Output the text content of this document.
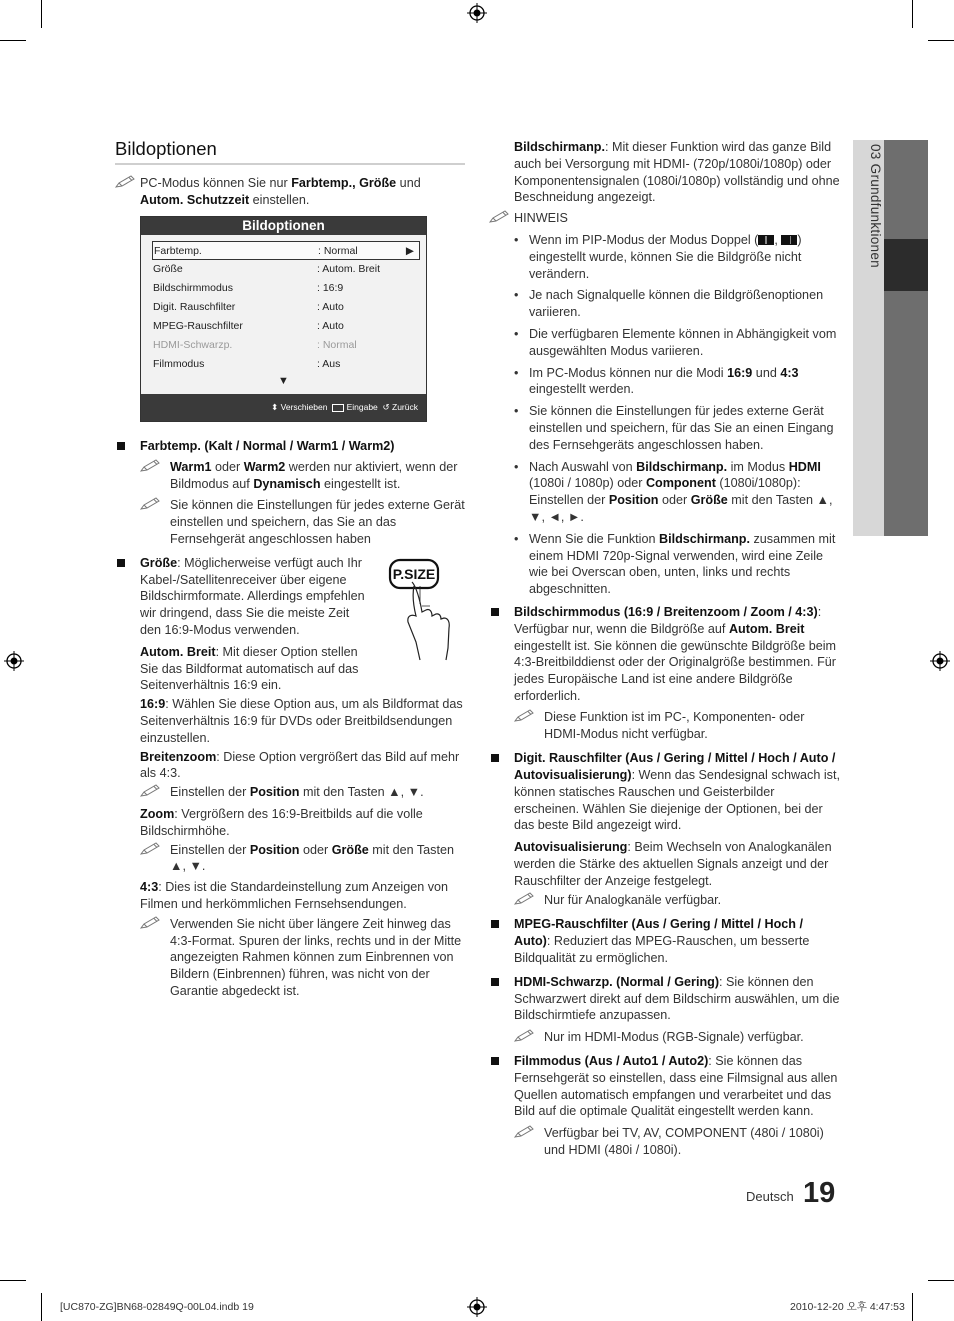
Bildoptionen
PC-Modus können Sie nur Farbtemp., Größe und Autom. Schutzzeit einstellen.
Bildoptionen
Farbtemp.	: Normal	▶
Größe	: Autom. Breit
Bildschirmmodus	: 16:9
Digit. Rauschfilter	: Auto
MPEG-Rauschfilter	: Auto
HDMI-Schwarzp.	: Normal
Filmmodus	: Aus
▼
⬍ Verschieben Eingabe ↺ Zurück
Farbtemp. (Kalt / Normal / Warm1 / Warm2)
Warm1 oder Warm2 werden nur aktiviert, wenn der Bildmodus auf Dynamisch eingestellt ist.
Sie können die Einstellungen für jedes externe Gerät einstellen und speichern, das Sie an das Fernsehgerät angeschlossen haben
Größe: Möglicherweise verfügt auch Ihr Kabel-/Satellitenreceiver über eigene Bildschirmformate. Allerdings empfehlen wir dringend, dass Sie die meiste Zeit den 16:9-Modus verwenden.
P.SIZE
Autom. Breit: Mit dieser Option stellen Sie das Bildformat automatisch auf das Seitenverhältnis 16:9 ein.
16:9: Wählen Sie diese Option aus, um als Bildformat das Seitenverhältnis 16:9 für DVDs oder Breitbildsendungen einzustellen.
Breitenzoom: Diese Option vergrößert das Bild auf mehr als 4:3.
Einstellen der Position mit den Tasten ▲, ▼.
Zoom: Vergrößern des 16:9-Breitbilds auf die volle Bildschirmhöhe.
Einstellen der Position oder Größe mit den Tasten ▲, ▼.
4:3: Dies ist die Standardeinstellung zum Anzeigen von Filmen und herkömmlichen Fernsehsendungen.
Verwenden Sie nicht über längere Zeit hinweg das 4:3-Format. Spuren der links, rechts und in der Mitte angezeigten Rahmen können zum Einbrennen von Bildern (Einbrennen) führen, was nicht von der Garantie abgedeckt ist.
Bildschirmanp.: Mit dieser Funktion wird das ganze Bild auch bei Versorgung mit HDMI- (720p/1080i/1080p) oder Komponentensignalen (1080i/1080p) vollständig und ohne Beschneidung angezeigt.
HINWEIS
• Wenn im PIP-Modus der Modus Doppel ( , ) eingestellt wurde, können Sie die Bildgröße nicht verändern.
• Je nach Signalquelle können die Bildgrößenoptionen variieren.
• Die verfügbaren Elemente können in Abhängigkeit vom ausgewählten Modus variieren.
• Im PC-Modus können nur die Modi 16:9 und 4:3 eingestellt werden.
• Sie können die Einstellungen für jedes externe Gerät einstellen und speichern, für das Sie an einen Eingang des Fernsehgeräts angeschlossen haben.
• Nach Auswahl von Bildschirmanp. im Modus HDMI (1080i / 1080p) oder Component (1080i/1080p): Einstellen der Position oder Größe mit den Tasten ▲, ▼, ◄, ►.
• Wenn Sie die Funktion Bildschirmanp. zusammen mit einem HDMI 720p-Signal verwenden, wird eine Zeile wie bei Overscan oben, unten, links und rechts abgeschnitten.
Bildschirmmodus (16:9 / Breitenzoom / Zoom / 4:3): Verfügbar nur, wenn die Bildgröße auf Autom. Breit eingestellt ist. Sie können die gewünschte Bildgröße beim 4:3-Breitbilddienst oder der Originalgröße bestimmen. Für jedes Europäische Land ist eine andere Bildgröße erforderlich.
Diese Funktion ist im PC-, Komponenten- oder HDMI-Modus nicht verfügbar.
Digit. Rauschfilter (Aus / Gering / Mittel / Hoch / Auto / Autovisualisierung): Wenn das Sendesignal schwach ist, können statisches Rauschen und Geisterbilder erscheinen. Wählen Sie diejenige der Optionen, bei der das beste Bild angezeigt wird.
Autovisualisierung: Beim Wechseln von Analogkanälen werden die Stärke des aktuellen Signals anzeigt und der Rauschfilter der Anzeige festgelegt.
Nur für Analogkanäle verfügbar.
MPEG-Rauschfilter (Aus / Gering / Mittel / Hoch / Auto): Reduziert das MPEG-Rauschen, um besserte Bildqualität zu ermöglichen.
HDMI-Schwarzp. (Normal / Gering): Sie können den Schwarzwert direkt auf dem Bildschirm auswählen, um die Bildschirmtiefe anzupassen.
Nur im HDMI-Modus (RGB-Signale) verfügbar.
Filmmodus (Aus / Auto1 / Auto2): Sie können das Fernsehgerät so einstellen, dass eine Filmsignal aus allen Quellen automatisch empfangen und verarbeitet und das Bild auf die optimale Qualität eingestellt werden kann.
Verfügbar bei TV, AV, COMPONENT (480i / 1080i) und HDMI (480i / 1080i).
03 Grundfunktionen
Deutsch 19
[UC870-ZG]BN68-02849Q-00L04.indb 19	2010-12-20 오후 4:47:53
